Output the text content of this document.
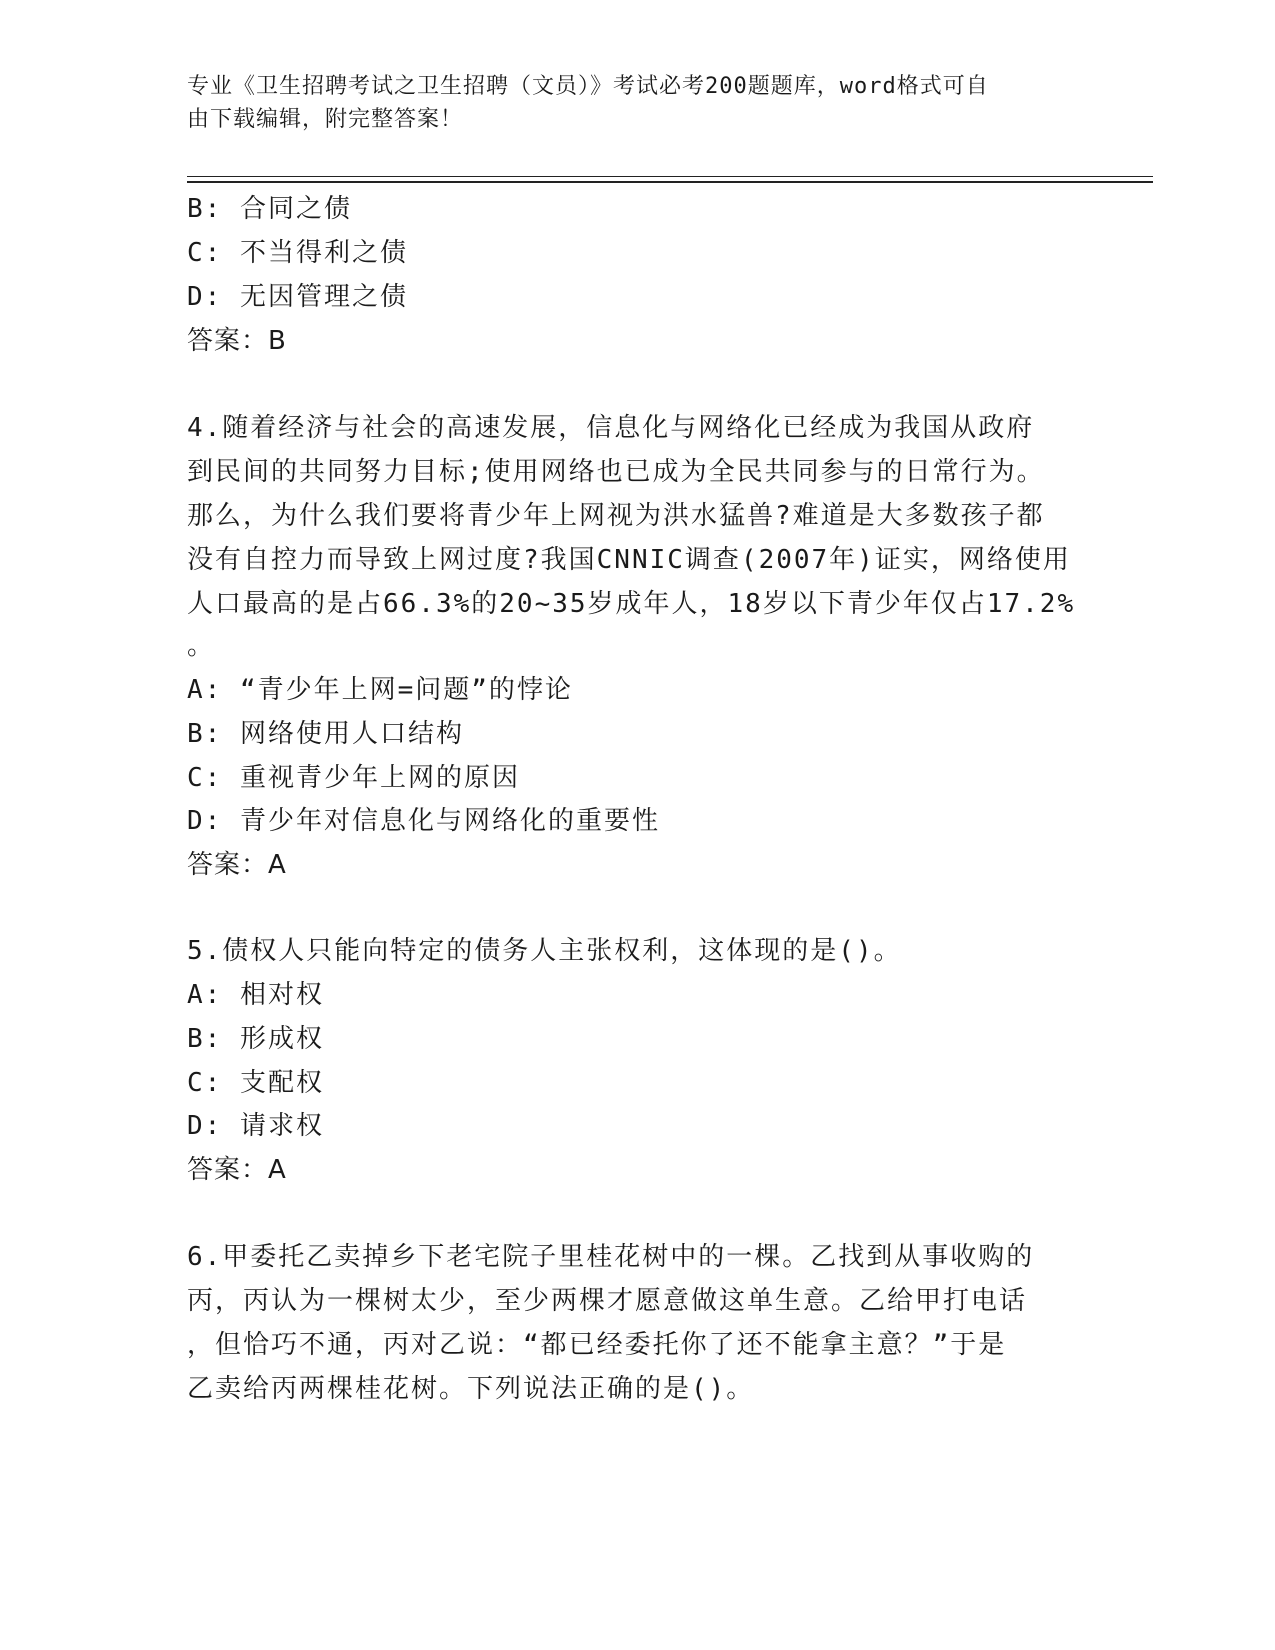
专业《卫生招聘考试之卫生招聘（文员）》考试必考200题题库，word格式可自
由下载编辑，附完整答案！
B: 合同之债
C: 不当得利之债
D: 无因管理之债
答案：B
4.随着经济与社会的高速发展，信息化与网络化已经成为我国从政府
到民间的共同努力目标;使用网络也已成为全民共同参与的日常行为。
那么，为什么我们要将青少年上网视为洪水猛兽?难道是大多数孩子都
没有自控力而导致上网过度?我国CNNIC调查(2007年)证实，网络使用
人口最高的是占66.3%的20~35岁成年人，18岁以下青少年仅占17.2%
。
A: “青少年上网=问题”的悖论
B: 网络使用人口结构
C: 重视青少年上网的原因
D: 青少年对信息化与网络化的重要性
答案：A
5.债权人只能向特定的债务人主张权利，这体现的是()。
A: 相对权
B: 形成权
C: 支配权
D: 请求权
答案：A
6.甲委托乙卖掉乡下老宅院子里桂花树中的一棵。乙找到从事收购的
丙，丙认为一棵树太少，至少两棵才愿意做这单生意。乙给甲打电话
，但恰巧不通，丙对乙说：“都已经委托你了还不能拿主意？”于是
乙卖给丙两棵桂花树。下列说法正确的是()。
